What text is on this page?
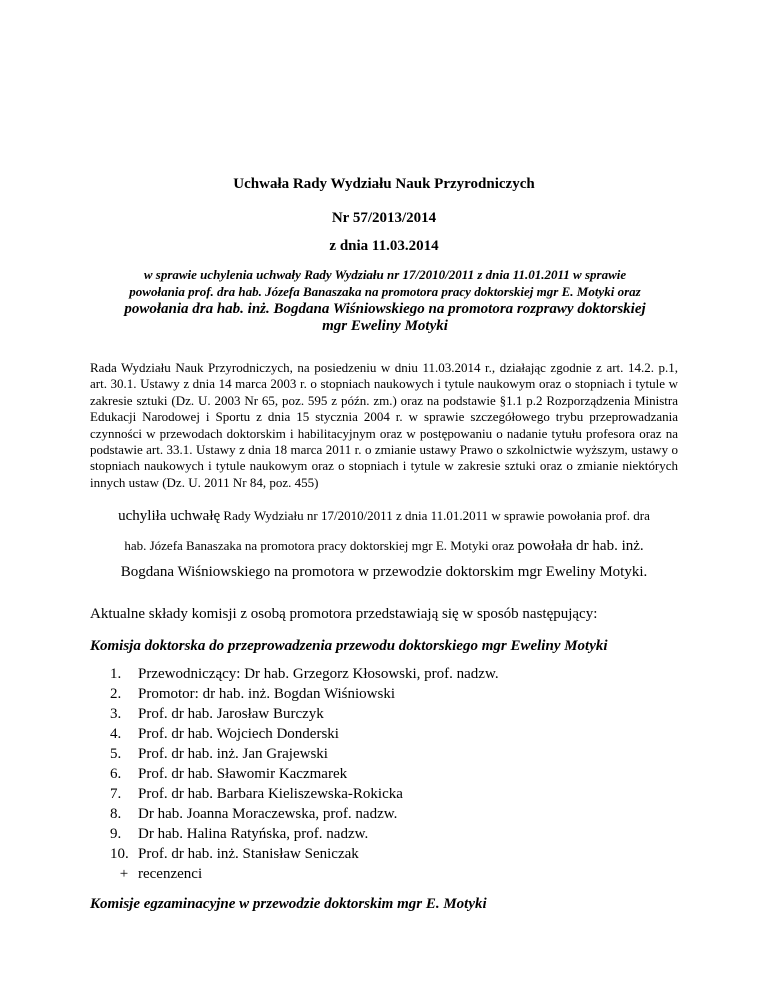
Uchwała Rady Wydziału Nauk Przyrodniczych
Nr 57/2013/2014
z dnia 11.03.2014
w sprawie uchylenia uchwały Rady Wydziału nr 17/2010/2011 z dnia 11.01.2011 w sprawie
powołania prof. dra hab. Józefa Banaszaka na promotora pracy doktorskiej mgr E. Motyki oraz
powołania dra hab. inż. Bogdana Wiśniowskiego na promotora rozprawy doktorskiej
mgr Eweliny Motyki
Rada Wydziału Nauk Przyrodniczych, na posiedzeniu w dniu 11.03.2014 r., działając zgodnie z art. 14.2. p.1, art. 30.1. Ustawy z dnia 14 marca 2003 r. o stopniach naukowych i tytule naukowym oraz o stopniach i tytule w zakresie sztuki (Dz. U. 2003 Nr 65, poz. 595 z późn. zm.) oraz na podstawie §1.1 p.2 Rozporządzenia Ministra Edukacji Narodowej i Sportu z dnia 15 stycznia 2004 r. w sprawie szczegółowego trybu przeprowadzania czynności w przewodach doktorskim i habilitacyjnym oraz w postępowaniu o nadanie tytułu profesora oraz na podstawie art. 33.1. Ustawy z dnia 18 marca 2011 r. o zmianie ustawy Prawo o szkolnictwie wyższym, ustawy o stopniach naukowych i tytule naukowym oraz o stopniach i tytule w zakresie sztuki oraz o zmianie niektórych innych ustaw (Dz. U. 2011 Nr 84, poz. 455)
uchyliła uchwałę Rady Wydziału nr 17/2010/2011 z dnia 11.01.2011 w sprawie powołania prof. dra
hab. Józefa Banaszaka na promotora pracy doktorskiej mgr E. Motyki oraz powołała dr hab. inż.
Bogdana Wiśniowskiego na promotora w przewodzie doktorskim mgr Eweliny Motyki.
Aktualne składy komisji z osobą promotora przedstawiają się w sposób następujący:
Komisja doktorska do przeprowadzenia przewodu doktorskiego mgr Eweliny Motyki
1.	Przewodniczący: Dr hab. Grzegorz Kłosowski, prof. nadzw.
2.	Promotor: dr hab. inż. Bogdan Wiśniowski
3.	Prof. dr hab. Jarosław Burczyk
4.	Prof. dr hab. Wojciech Donderski
5.	Prof. dr hab. inż. Jan Grajewski
6.	Prof. dr hab. Sławomir Kaczmarek
7.	Prof. dr hab. Barbara Kieliszewska-Rokicka
8.	Dr hab. Joanna Moraczewska, prof. nadzw.
9.	Dr hab. Halina Ratyńska, prof. nadzw.
10. Prof. dr hab. inż. Stanisław Seniczak
+ recenzenci
Komisje egzaminacyjne w przewodzie doktorskim mgr E. Motyki
